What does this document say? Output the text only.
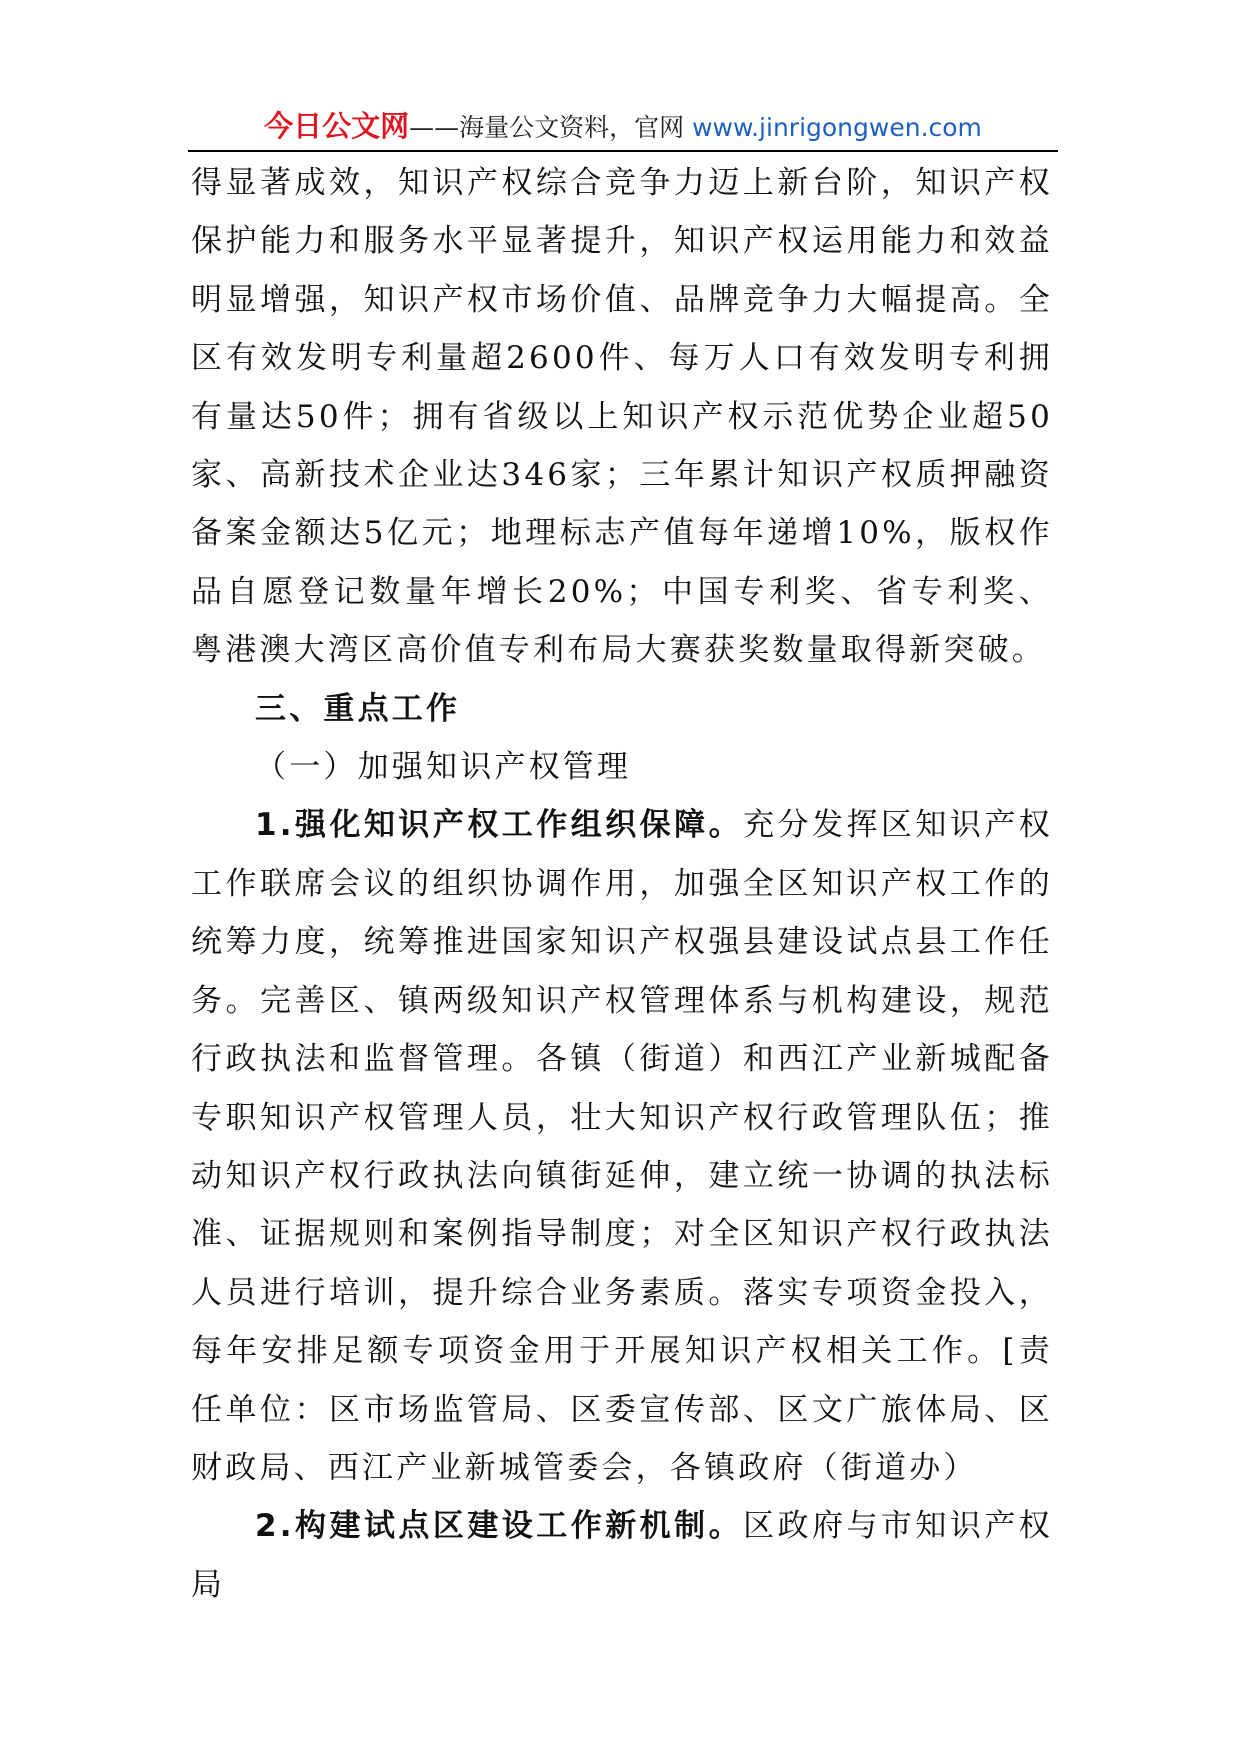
今日公文网——海量公文资料，官网 www.jinrigongwen.com

得显著成效，知识产权综合竞争力迈上新台阶，知识产权保护能力和服务水平显著提升，知识产权运用能力和效益明显增强，知识产权市场价值、品牌竞争力大幅提高。全区有效发明专利量超2600件、每万人口有效发明专利拥有量达50件；拥有省级以上知识产权示范优势企业超50家、高新技术企业达346家；三年累计知识产权质押融资备案金额达5亿元；地理标志产值每年递增10%，版权作品自愿登记数量年增长20%；中国专利奖、省专利奖、粤港澳大湾区高价值专利布局大赛获奖数量取得新突破。

三、重点工作

（一）加强知识产权管理

1.强化知识产权工作组织保障。充分发挥区知识产权工作联席会议的组织协调作用，加强全区知识产权工作的统筹力度，统筹推进国家知识产权强县建设试点县工作任务。完善区、镇两级知识产权管理体系与机构建设，规范行政执法和监督管理。各镇（街道）和西江产业新城配备专职知识产权管理人员，壮大知识产权行政管理队伍；推动知识产权行政执法向镇街延伸，建立统一协调的执法标准、证据规则和案例指导制度；对全区知识产权行政执法人员进行培训，提升综合业务素质。落实专项资金投入，每年安排足额专项资金用于开展知识产权相关工作。[责任单位：区市场监管局、区委宣传部、区文广旅体局、区财政局、西江产业新城管委会，各镇政府（街道办）

2.构建试点区建设工作新机制。区政府与市知识产权局
